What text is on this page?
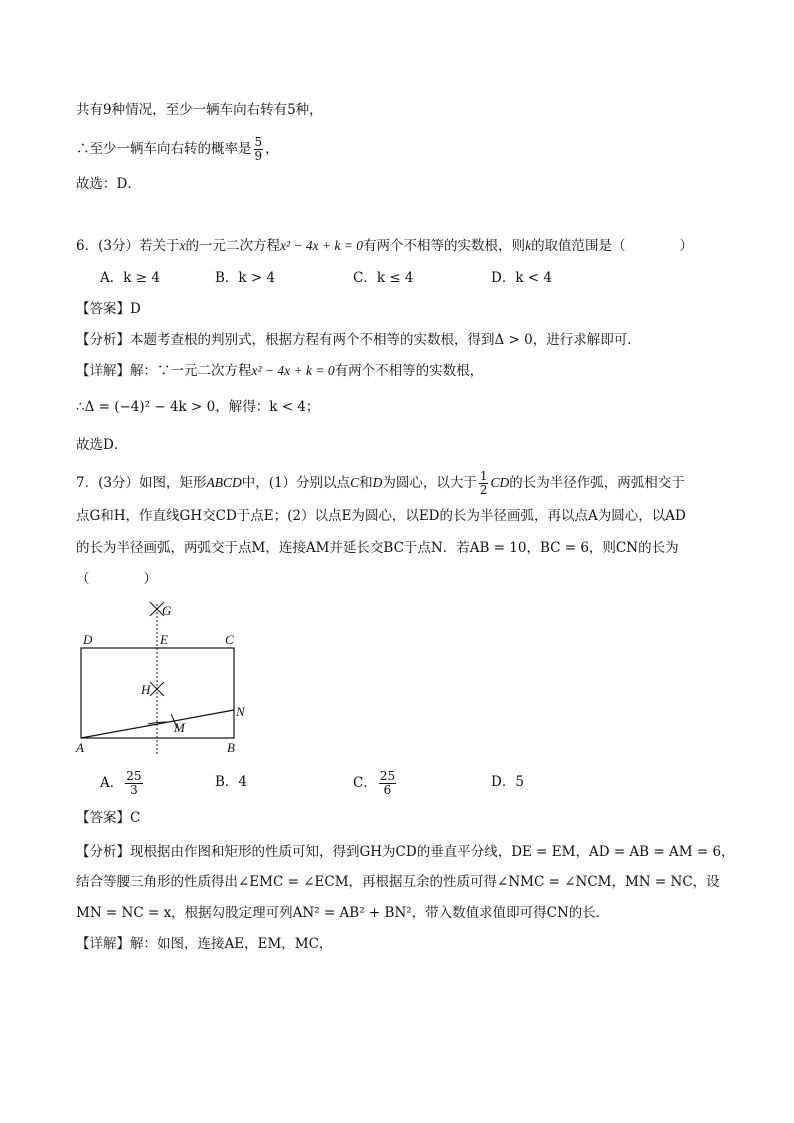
共有9种情况，至少一辆车向右转有5种，
∴至少一辆车向右转的概率是 $\frac{5}{9}$ ，
故选：D．
6．(3分）若关于x的一元二次方程x² − 4x + k = 0有两个不相等的实数根，则k的取值范围是（　　　　）
A．k ≥ 4	B．k > 4	C．k ≤ 4	D．k < 4
【答案】D
【分析】本题考查根的判别式，根据方程有两个不相等的实数根，得到Δ > 0，进行求解即可．
【详解】解：∵一元二次方程x² − 4x + k = 0有两个不相等的实数根，
∴Δ = (−4)² − 4k > 0，解得：k < 4；
故选D．
7．(3分）如图，矩形ABCD中，(1）分别以点C和D为圆心，以大于 $\frac{1}{2}$ CD的长为半径作弧，两弧相交于
点G和H，作直线GH交CD于点E；(2）以点E为圆心，以ED的长为半径画弧，再以点A为圆心，以AD
的长为半径画弧，两弧交于点M，连接AM并延长交BC于点N．若AB = 10，BC = 6，则CN的长为
（　　　　）
G
D	E	C
H
N
M
A	B
A． $\frac{25}{3}$	B．4	C． $\frac{25}{6}$	D．5
【答案】C
【分析】现根据由作图和矩形的性质可知，得到GH为CD的垂直平分线，DE = EM，AD = AB = AM = 6，
结合等腰三角形的性质得出∠EMC = ∠ECM，再根据互余的性质可得∠NMC = ∠NCM，MN = NC，设
MN = NC = x，根据勾股定理可列AN² = AB² + BN²，带入数值求值即可得CN的长．
【详解】解：如图，连接AE，EM，MC，
